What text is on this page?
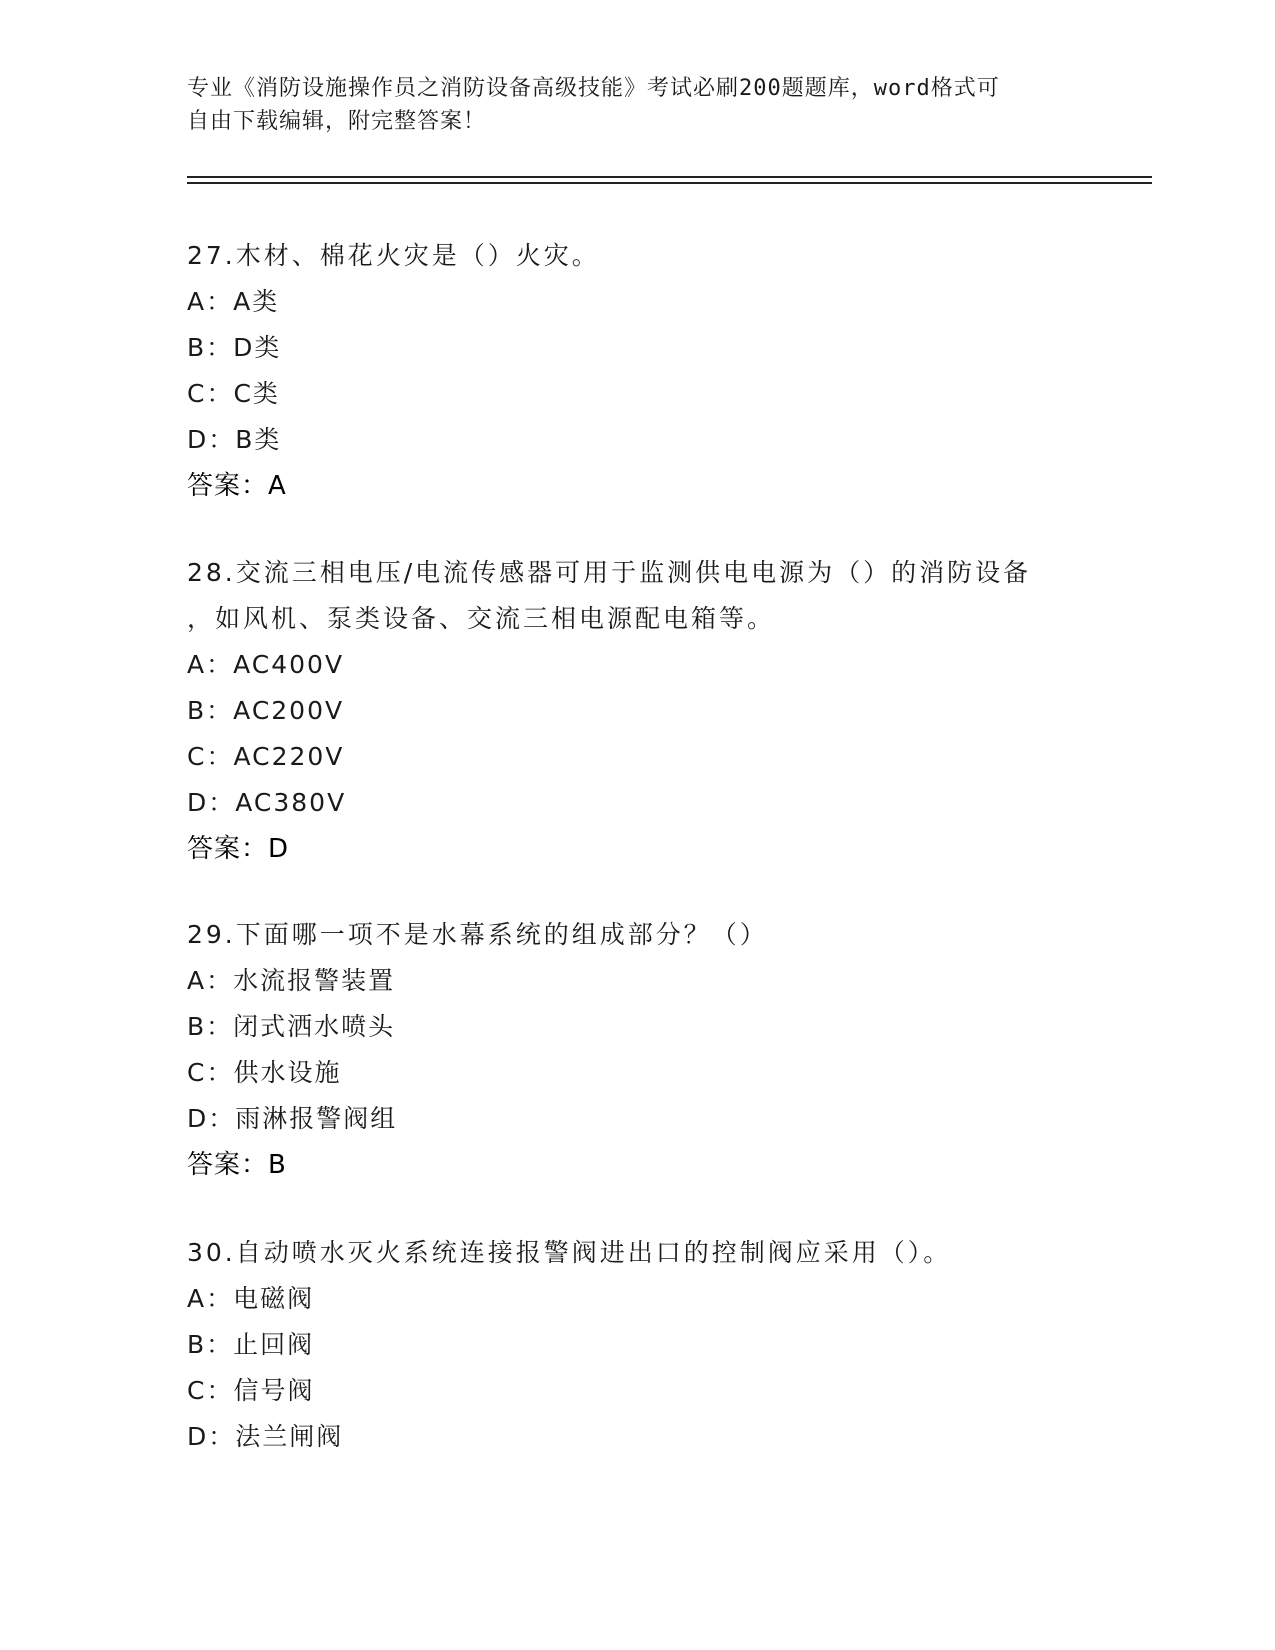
专业《消防设施操作员之消防设备高级技能》考试必刷200题题库，word格式可
自由下载编辑，附完整答案！
27.木材、棉花火灾是（）火灾。
A：A类
B：D类
C：C类
D：B类
答案：A
28.交流三相电压/电流传感器可用于监测供电电源为（）的消防设备
，如风机、泵类设备、交流三相电源配电箱等。
A：AC400V
B：AC200V
C：AC220V
D：AC380V
答案：D
29.下面哪一项不是水幕系统的组成部分？（）
A：水流报警装置
B：闭式洒水喷头
C：供水设施
D：雨淋报警阀组
答案：B
30.自动喷水灭火系统连接报警阀进出口的控制阀应采用（）。
A：电磁阀
B：止回阀
C：信号阀
D：法兰闸阀
